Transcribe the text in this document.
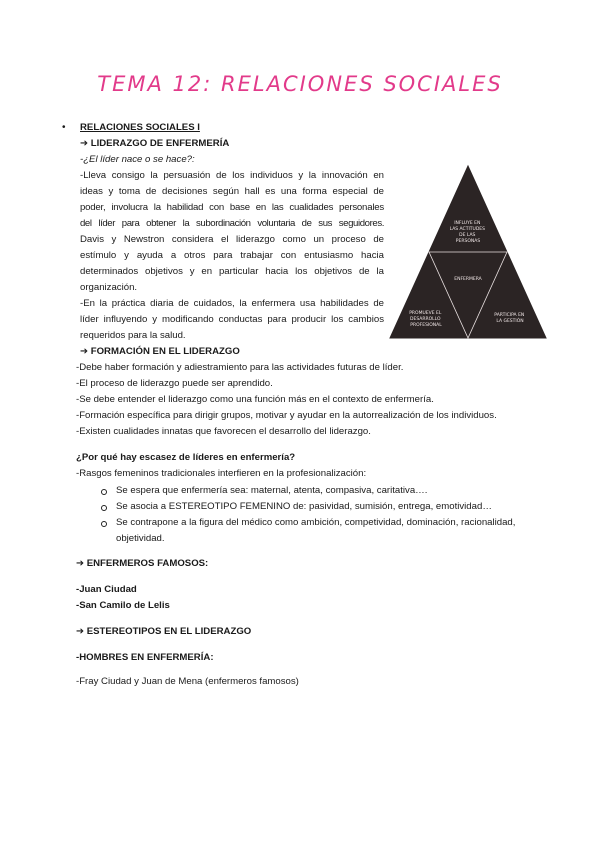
TEMA 12: RELACIONES SOCIALES
• RELACIONES SOCIALES I
➔ LIDERAZGO DE ENFERMERÍA
-¿El líder nace o se hace?:
-Lleva consigo la persuasión de los individuos y la innovación en
ideas y toma de decisiones según hall es una forma especial de
poder, involucra la habilidad con base en las cualidades personales
del líder para obtener la subordinación voluntaria de sus seguidores.
Davis y Newstron considera el liderazgo como un proceso de
estímulo y ayuda a otros para trabajar con entusiasmo hacia
determinados objetivos y en particular hacia los objetivos de la
organización.
-En la práctica diaria de cuidados, la enfermera usa habilidades de
líder influyendo y modificando conductas para producir los cambios
requeridos para la salud.
INFLUYE EN LAS ACTITUDES DE LAS PERSONAS
ENFERMERA
PROMUEVE EL DESARROLLO PROFESIONAL
PARTICIPA EN LA GESTIÓN
➔ FORMACIÓN EN EL LIDERAZGO
-Debe haber formación y adiestramiento para las actividades futuras de líder.
-El proceso de liderazgo puede ser aprendido.
-Se debe entender el liderazgo como una función más en el contexto de enfermería.
-Formación específica para dirigir grupos, motivar y ayudar en la autorrealización de los individuos.
-Existen cualidades innatas que favorecen el desarrollo del liderazgo.
¿Por qué hay escasez de líderes en enfermería?
-Rasgos femeninos tradicionales interfieren en la profesionalización:
Se espera que enfermería sea: maternal, atenta, compasiva, caritativa….
Se asocia a ESTEREOTIPO FEMENINO de: pasividad, sumisión, entrega, emotividad…
Se contrapone a la figura del médico como ambición, competividad, dominación, racionalidad,
objetividad.
➔ ENFERMEROS FAMOSOS:
-Juan Ciudad
-San Camilo de Lelis
➔ ESTEREOTIPOS EN EL LIDERAZGO
-HOMBRES EN ENFERMERÍA:
-Fray Ciudad y Juan de Mena (enfermeros famosos)
